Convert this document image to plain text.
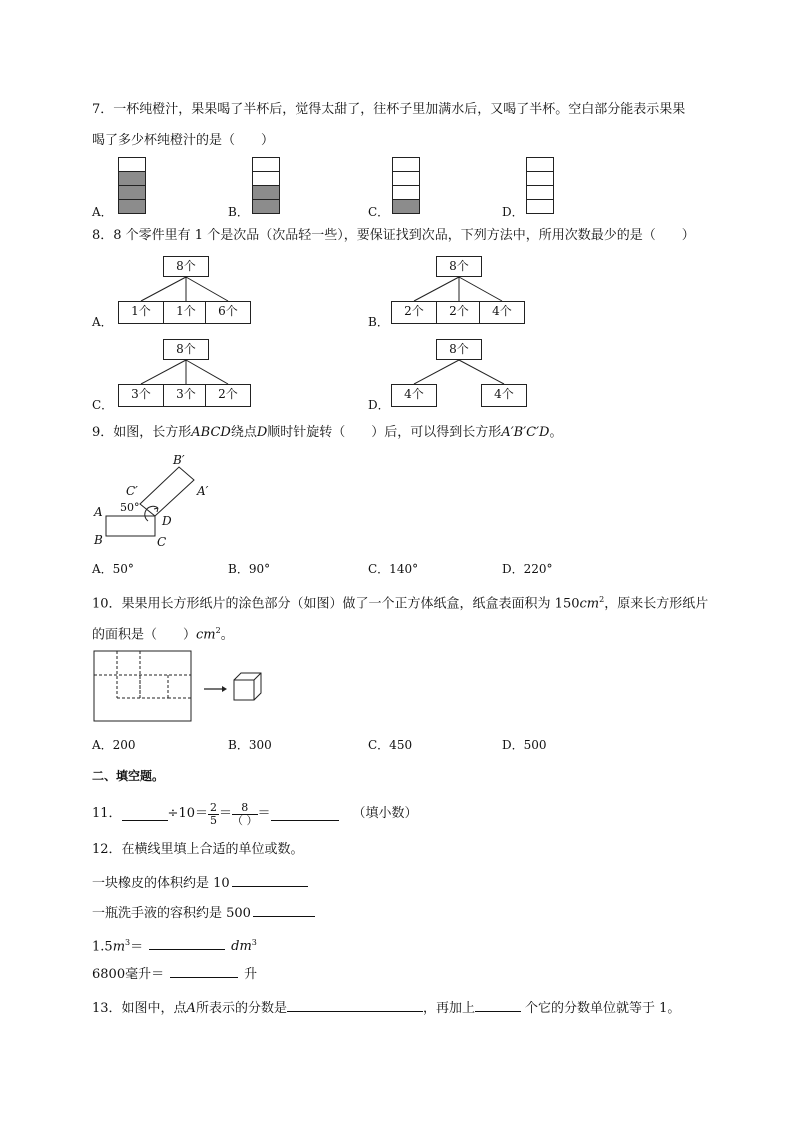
7．一杯纯橙汁，果果喝了半杯后，觉得太甜了，往杯子里加满水后，又喝了半杯。空白部分能表示果果
喝了多少杯纯橙汁的是（　　）
A．	B．	C．	D．
8．8 个零件里有 1 个是次品（次品轻一些），要保证找到次品，下列方法中，所用次数最少的是（　　）
8个
1个	1个	6个
A．
8个
2个	2个	4个
B．
8个
3个	3个	2个
C．
8个
4个	4个
D．
9．如图，长方形ABCD绕点D顺时针旋转（　　）后，可以得到长方形A′B′C′D。
A
B	C
D
A′
B′
C′
50°
A．50°	B．90°	C．140°	D．220°
10．果果用长方形纸片的涂色部分（如图）做了一个正方体纸盒，纸盒表面积为 $150cm^2$，原来长方形纸片
的面积是（　　）$cm^2$。
A．200	B．300	C．450	D．500
二、填空题。
11．	$\div 10= \frac{2}{5} = \frac{8}{( )}$ ＝	（填小数）
12．在横线里填上合适的单位或数。
一块橡皮的体积约是 10
一瓶洗手液的容积约是 500
$1.5m^3=$	$dm^3$
6800毫升＝	升
13．如图中，点A所表示的分数是	，再加上	个它的分数单位就等于 1。
